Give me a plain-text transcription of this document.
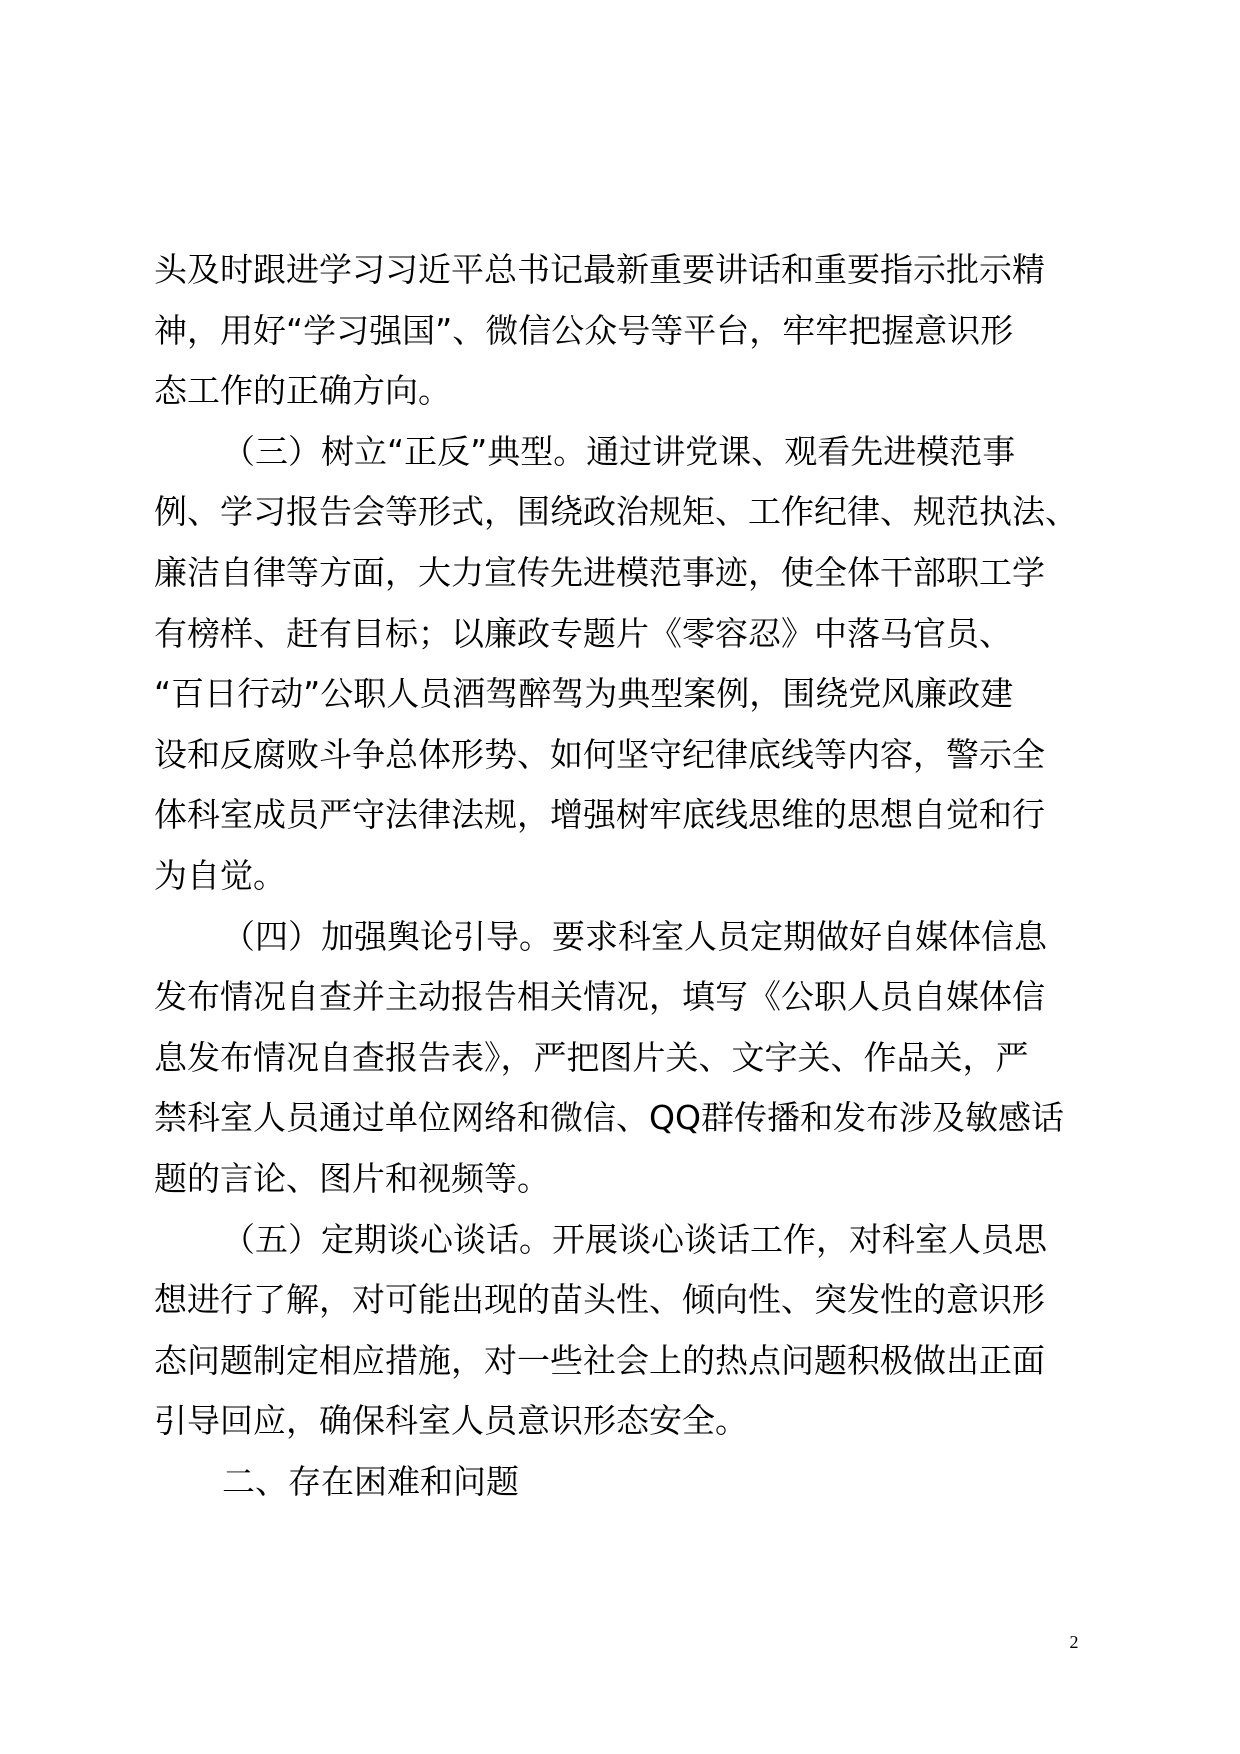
头及时跟进学习习近平总书记最新重要讲话和重要指示批示精
神，用好“学习强国”、微信公众号等平台，牢牢把握意识形
态工作的正确方向。
（三）树立“正反”典型。通过讲党课、观看先进模范事
例、学习报告会等形式，围绕政治规矩、工作纪律、规范执法、
廉洁自律等方面，大力宣传先进模范事迹，使全体干部职工学
有榜样、赶有目标；以廉政专题片《零容忍》中落马官员、
“百日行动”公职人员酒驾醉驾为典型案例，围绕党风廉政建
设和反腐败斗争总体形势、如何坚守纪律底线等内容，警示全
体科室成员严守法律法规，增强树牢底线思维的思想自觉和行
为自觉。
（四）加强舆论引导。要求科室人员定期做好自媒体信息
发布情况自查并主动报告相关情况，填写《公职人员自媒体信
息发布情况自查报告表》，严把图片关、文字关、作品关，严
禁科室人员通过单位网络和微信、QQ群传播和发布涉及敏感话
题的言论、图片和视频等。
（五）定期谈心谈话。开展谈心谈话工作，对科室人员思
想进行了解，对可能出现的苗头性、倾向性、突发性的意识形
态问题制定相应措施，对一些社会上的热点问题积极做出正面
引导回应，确保科室人员意识形态安全。
二、存在困难和问题
2
